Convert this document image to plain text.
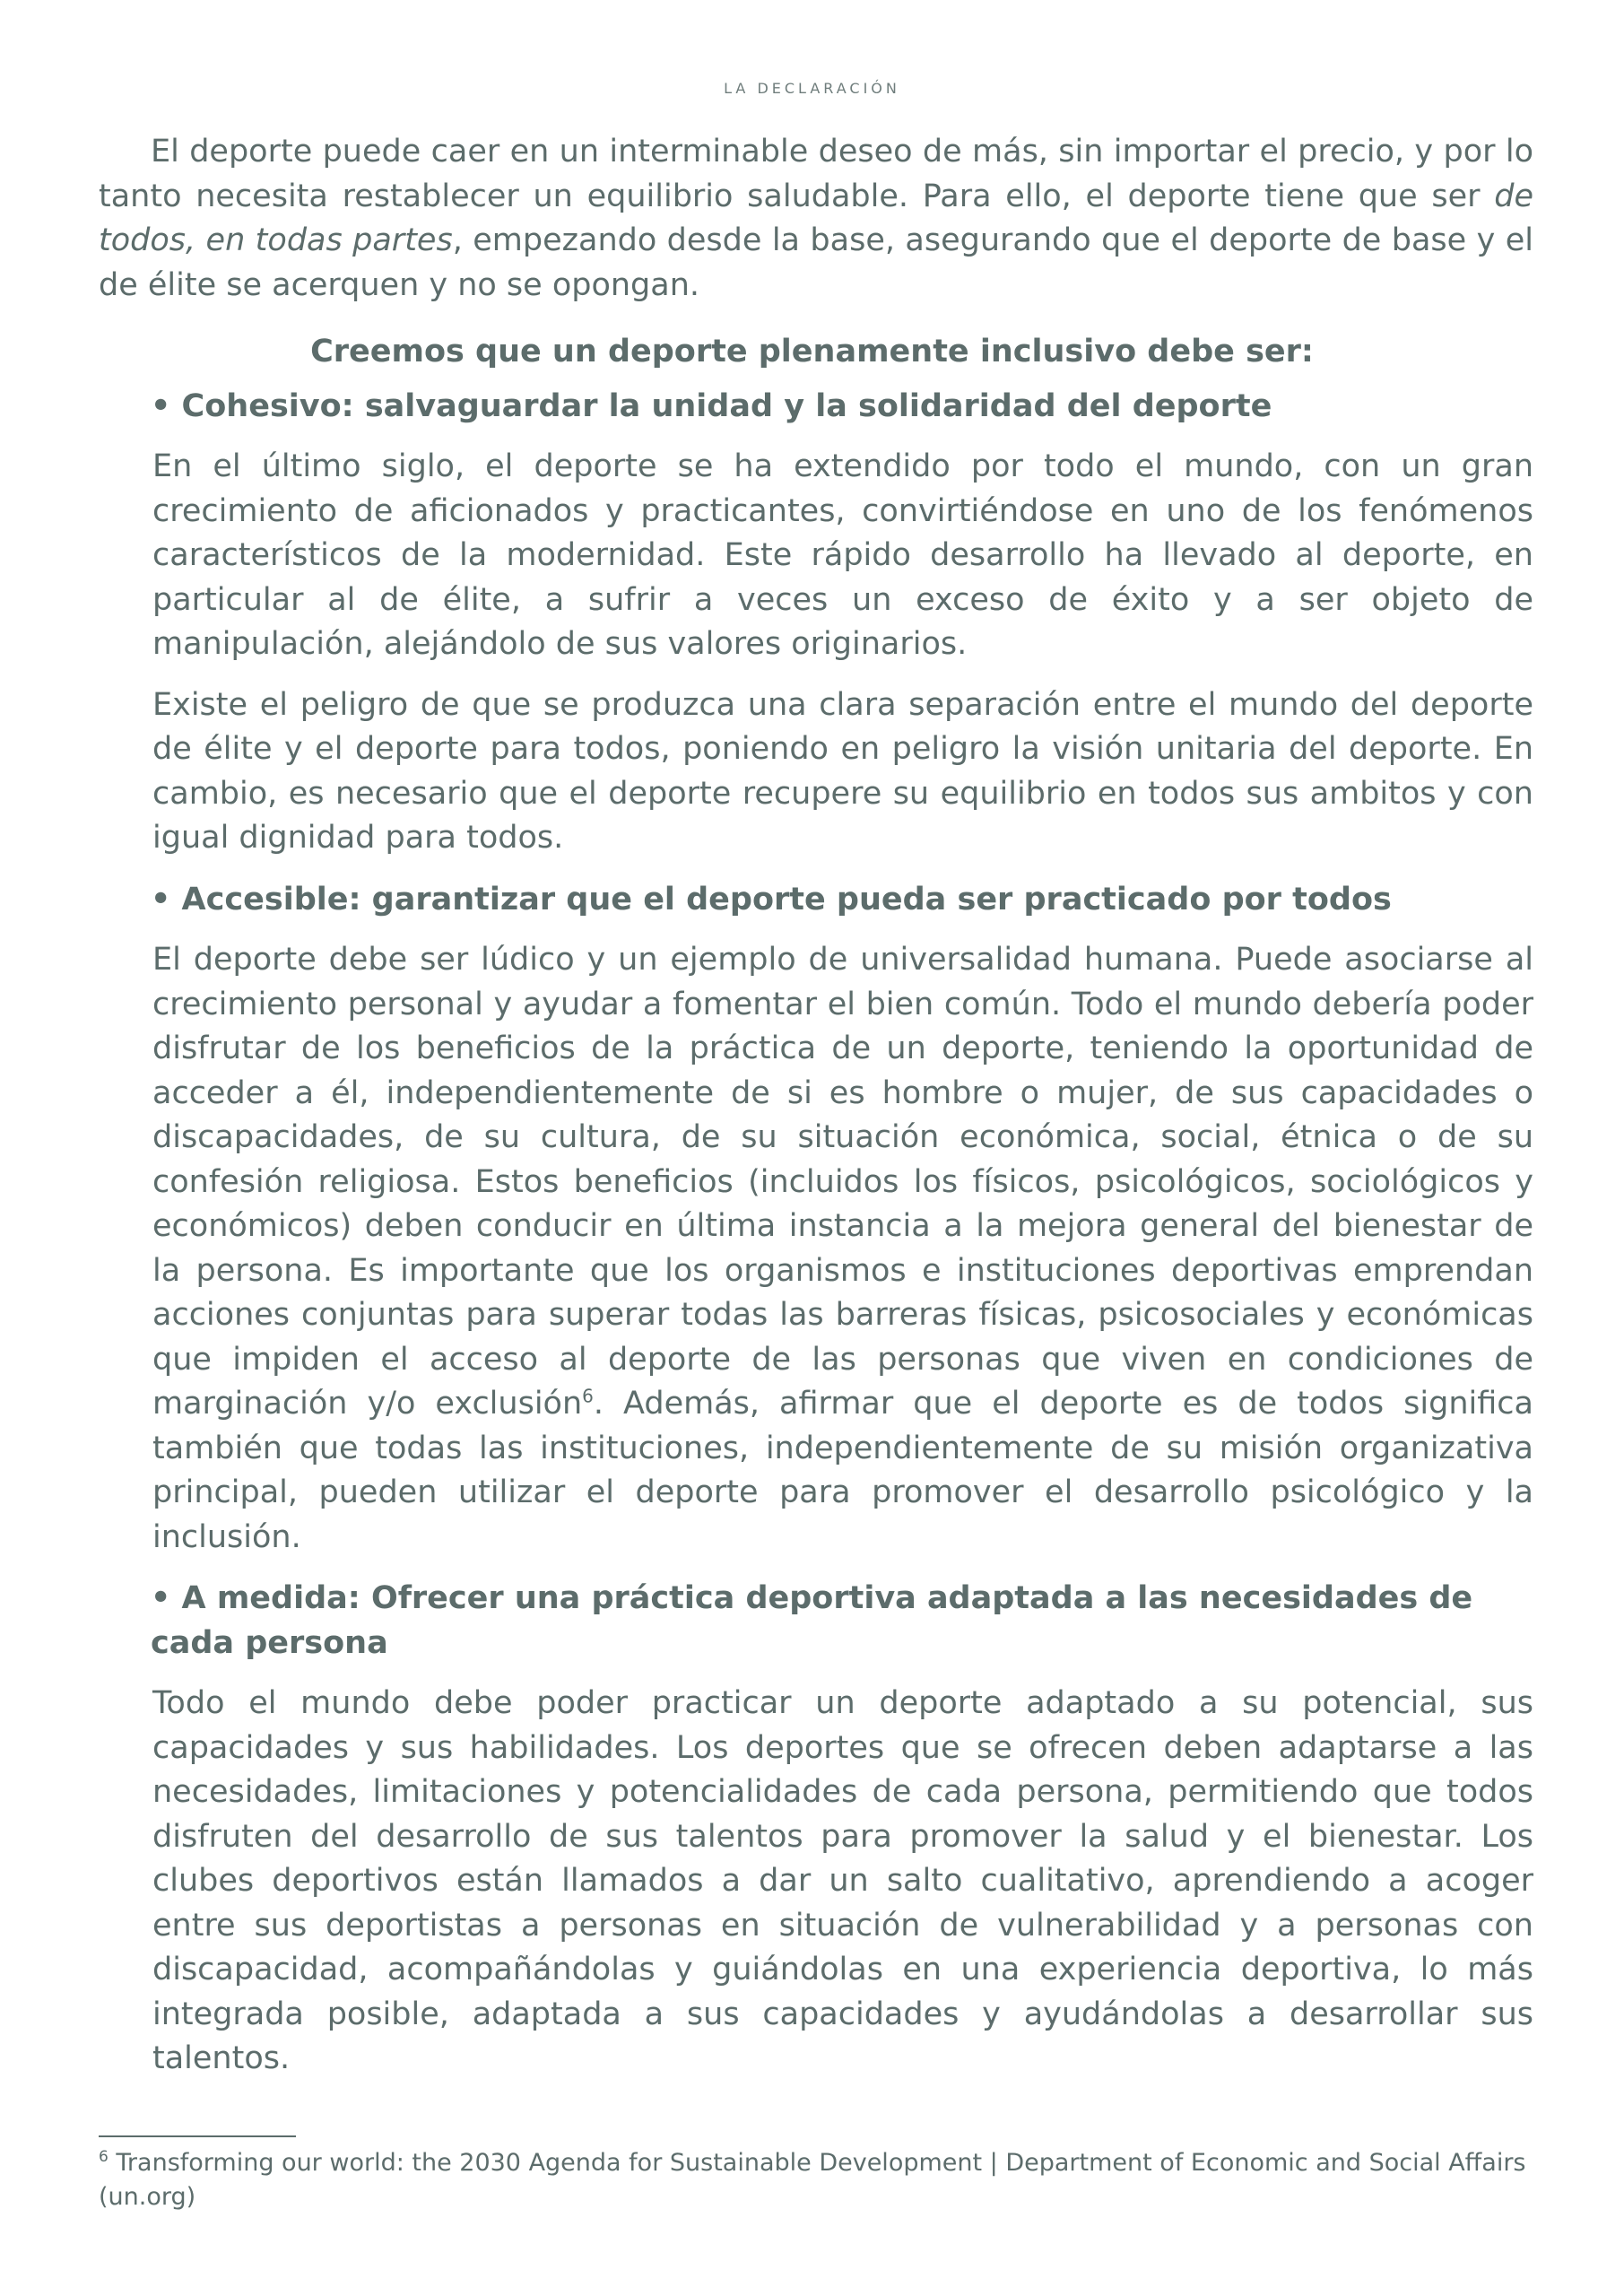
LA DECLARACIÓN

El deporte puede caer en un interminable deseo de más, sin importar el precio, y por lo tanto necesita restablecer un equilibrio saludable. Para ello, el deporte tiene que ser de todos, en todas partes, empezando desde la base, asegurando que el deporte de base y el de élite se acerquen y no se opongan.

Creemos que un deporte plenamente inclusivo debe ser:

• Cohesivo: salvaguardar la unidad y la solidaridad del deporte

En el último siglo, el deporte se ha extendido por todo el mundo, con un gran crecimiento de aficionados y practicantes, convirtiéndose en uno de los fenómenos característicos de la modernidad. Este rápido desarrollo ha llevado al deporte, en particular al de élite, a sufrir a veces un exceso de éxito y a ser objeto de manipulación, alejándolo de sus valores originarios.

Existe el peligro de que se produzca una clara separación entre el mundo del deporte de élite y el deporte para todos, poniendo en peligro la visión unitaria del deporte. En cambio, es necesario que el deporte recupere su equilibrio en todos sus ambitos y con igual dignidad para todos.

• Accesible: garantizar que el deporte pueda ser practicado por todos

El deporte debe ser lúdico y un ejemplo de universalidad humana. Puede asociarse al crecimiento personal y ayudar a fomentar el bien común. Todo el mundo debería poder disfrutar de los beneficios de la práctica de un deporte, teniendo la oportunidad de acceder a él, independientemente de si es hombre o mujer, de sus capacidades o discapacidades, de su cultura, de su situación económica, social, étnica o de su confesión religiosa. Estos beneficios (incluidos los físicos, psicológicos, sociológicos y económicos) deben conducir en última instancia a la mejora general del bienestar de la persona. Es importante que los organismos e instituciones deportivas emprendan acciones conjuntas para superar todas las barreras físicas, psicosociales y económicas que impiden el acceso al deporte de las personas que viven en condiciones de marginación y/o exclusión$^6$. Además, afirmar que el deporte es de todos significa también que todas las instituciones, independientemente de su misión organizativa principal, pueden utilizar el deporte para promover el desarrollo psicológico y la inclusión.

• A medida: Ofrecer una práctica deportiva adaptada a las necesidades de cada persona

Todo el mundo debe poder practicar un deporte adaptado a su potencial, sus capacidades y sus habilidades. Los deportes que se ofrecen deben adaptarse a las necesidades, limitaciones y potencialidades de cada persona, permitiendo que todos disfruten del desarrollo de sus talentos para promover la salud y el bienestar. Los clubes deportivos están llamados a dar un salto cualitativo, aprendiendo a acoger entre sus deportistas a personas en situación de vulnerabilidad y a personas con discapacidad, acompañándolas y guiándolas en una experiencia deportiva, lo más integrada posible, adaptada a sus capacidades y ayudándolas a desarrollar sus talentos.

$^6$ Transforming our world: the 2030 Agenda for Sustainable Development | Department of Economic and Social Affairs (un.org)
